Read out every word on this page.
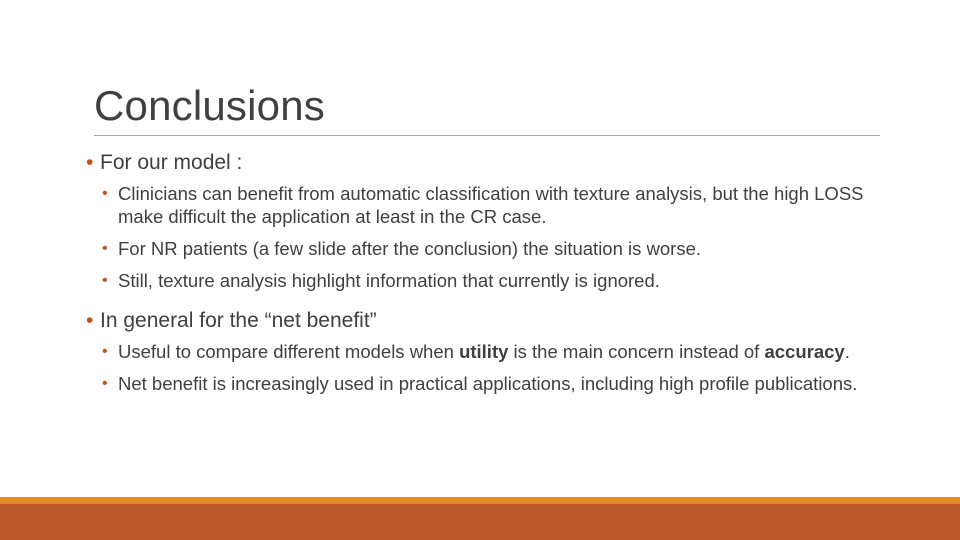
Conclusions
• For our model :
• Clinicians can benefit from automatic classification with texture analysis, but the high LOSS make difficult the application at least in the CR case.
• For NR patients (a few slide after the conclusion) the situation is worse.
• Still, texture analysis highlight information that currently is ignored.
• In general for the “net benefit”
• Useful to compare different models when utility is the main concern instead of accuracy.
• Net benefit is increasingly used in practical applications, including high profile publications.
